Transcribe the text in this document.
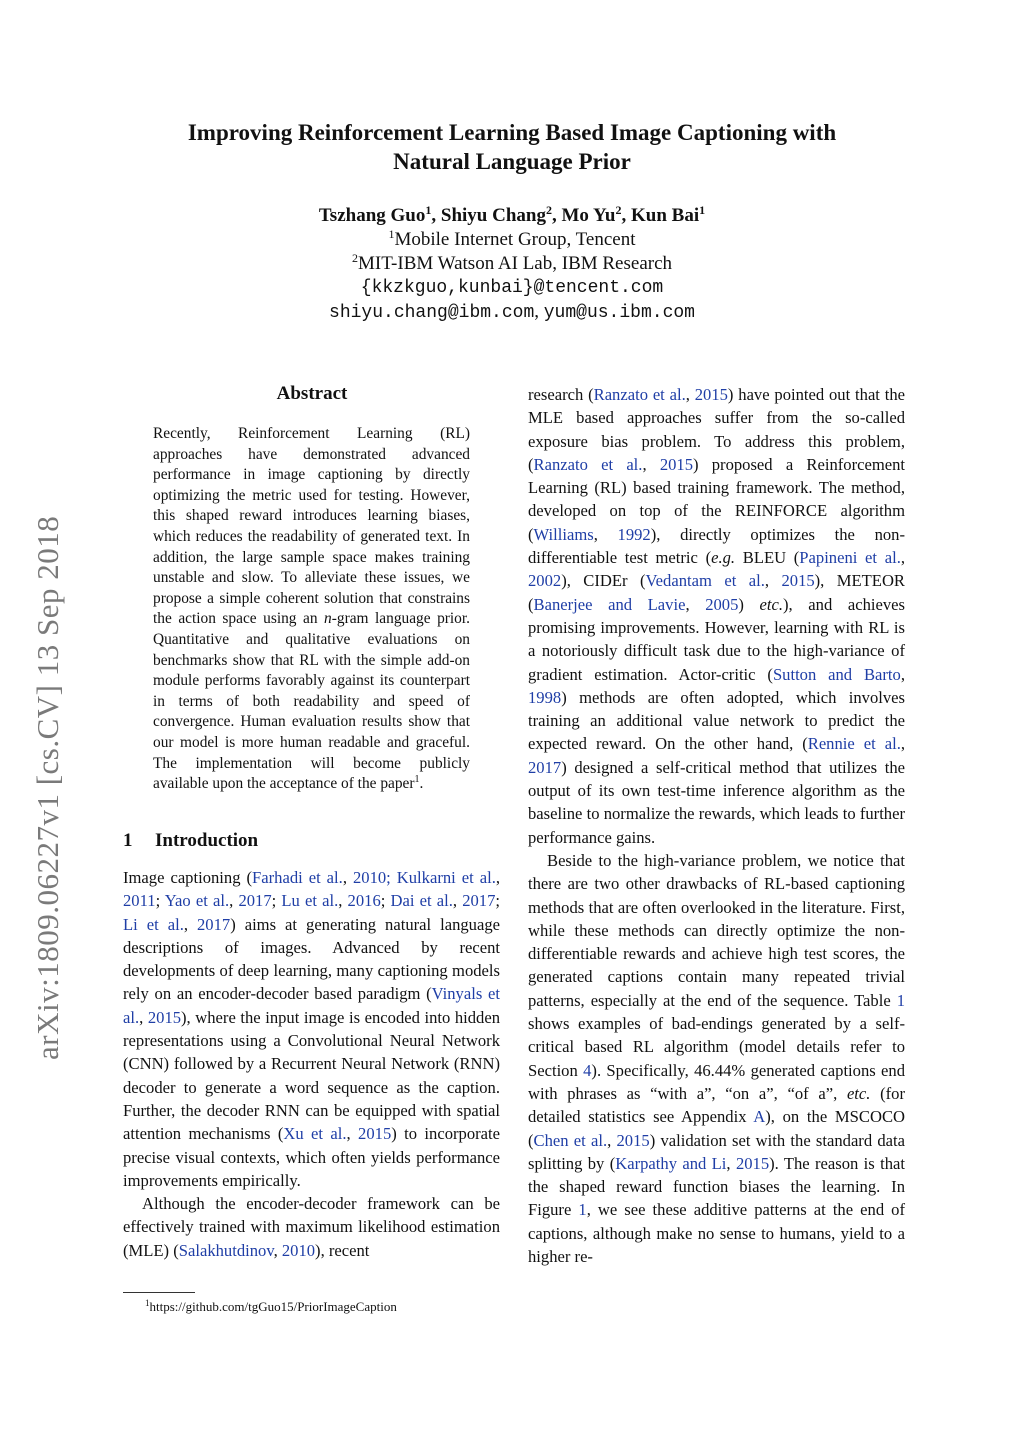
arXiv:1809.06227v1 [cs.CV] 13 Sep 2018
Improving Reinforcement Learning Based Image Captioning with
Natural Language Prior
Tszhang Guo$^1$, Shiyu Chang$^2$, Mo Yu$^2$, Kun Bai$^1$
$^1$Mobile Internet Group, Tencent
$^2$MIT-IBM Watson AI Lab, IBM Research
{kkzkguo,kunbai}@tencent.com
shiyu.chang@ibm.com, yum@us.ibm.com
Abstract
Recently, Reinforcement Learning (RL) approaches have demonstrated advanced performance in image captioning by directly optimizing the metric used for testing. However, this shaped reward introduces learning biases, which reduces the readability of generated text. In addition, the large sample space makes training unstable and slow. To alleviate these issues, we propose a simple coherent solution that constrains the action space using an n-gram language prior. Quantitative and qualitative evaluations on benchmarks show that RL with the simple add-on module performs favorably against its counterpart in terms of both readability and speed of convergence. Human evaluation results show that our model is more human readable and graceful. The implementation will become publicly available upon the acceptance of the paper$^1$.
1 Introduction

Image captioning (Farhadi et al., 2010; Kulkarni et al., 2011; Yao et al., 2017; Lu et al., 2016; Dai et al., 2017; Li et al., 2017) aims at generating natural language descriptions of images. Advanced by recent developments of deep learning, many captioning models rely on an encoder-decoder based paradigm (Vinyals et al., 2015), where the input image is encoded into hidden representations using a Convolutional Neural Network (CNN) followed by a Recurrent Neural Network (RNN) decoder to generate a word sequence as the caption. Further, the decoder RNN can be equipped with spatial attention mechanisms (Xu et al., 2015) to incorporate precise visual contexts, which often yields performance improvements empirically.

Although the encoder-decoder framework can be effectively trained with maximum likelihood estimation (MLE) (Salakhutdinov, 2010), recent

research (Ranzato et al., 2015) have pointed out that the MLE based approaches suffer from the so-called exposure bias problem. To address this problem, (Ranzato et al., 2015) proposed a Reinforcement Learning (RL) based training framework. The method, developed on top of the REINFORCE algorithm (Williams, 1992), directly optimizes the non-differentiable test metric (e.g. BLEU (Papineni et al., 2002), CIDEr (Vedantam et al., 2015), METEOR (Banerjee and Lavie, 2005) etc.), and achieves promising improvements. However, learning with RL is a notoriously difficult task due to the high-variance of gradient estimation. Actor-critic (Sutton and Barto, 1998) methods are often adopted, which involves training an additional value network to predict the expected reward. On the other hand, (Rennie et al., 2017) designed a self-critical method that utilizes the output of its own test-time inference algorithm as the baseline to normalize the rewards, which leads to further performance gains.

Beside to the high-variance problem, we notice that there are two other drawbacks of RL-based captioning methods that are often overlooked in the literature. First, while these methods can directly optimize the non-differentiable rewards and achieve high test scores, the generated captions contain many repeated trivial patterns, especially at the end of the sequence. Table 1 shows examples of bad-endings generated by a self-critical based RL algorithm (model details refer to Section 4). Specifically, 46.44% generated captions end with phrases as “with a”, “on a”, “of a”, etc. (for detailed statistics see Appendix A), on the MSCOCO (Chen et al., 2015) validation set with the standard data splitting by (Karpathy and Li, 2015). The reason is that the shaped reward function biases the learning. In Figure 1, we see these additive patterns at the end of captions, although make no sense to humans, yield to a higher re-

$^1$https://github.com/tgGuo15/PriorImageCaption
